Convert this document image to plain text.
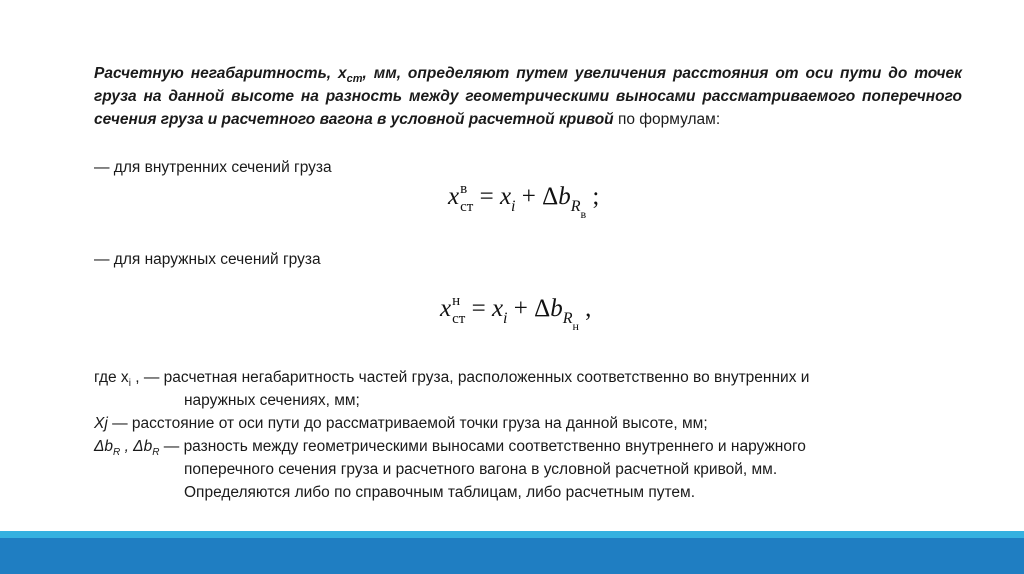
Расчетную негабаритность, $x_{ст}$, мм, определяют путем увеличения расстояния от оси пути до точек груза на данной высоте на разность между геометрическими выносами рассматриваемого поперечного сечения груза и расчетного вагона в условной расчетной кривой по формулам:

— для внутренних сечений груза
x в
ст = $x_i + \Delta b_{Rв}$ ;
— для наружных сечений груза
x н
ст = $x_i + \Delta b_{Rн}$ ,

где $x_i$ , — расчетная негабаритность частей груза, расположенных соответственно во внутренних и

наружных сечениях, мм;

Xj — расстояние от оси пути до рассматриваемой точки груза на данной высоте, мм;

$\Delta b_R$ , $\Delta b_R$ — разность между геометрическими выносами соответственно внутреннего и наружного

поперечного сечения груза и расчетного вагона в условной расчетной кривой, мм.

Определяются либо по справочным таблицам, либо расчетным путем.
